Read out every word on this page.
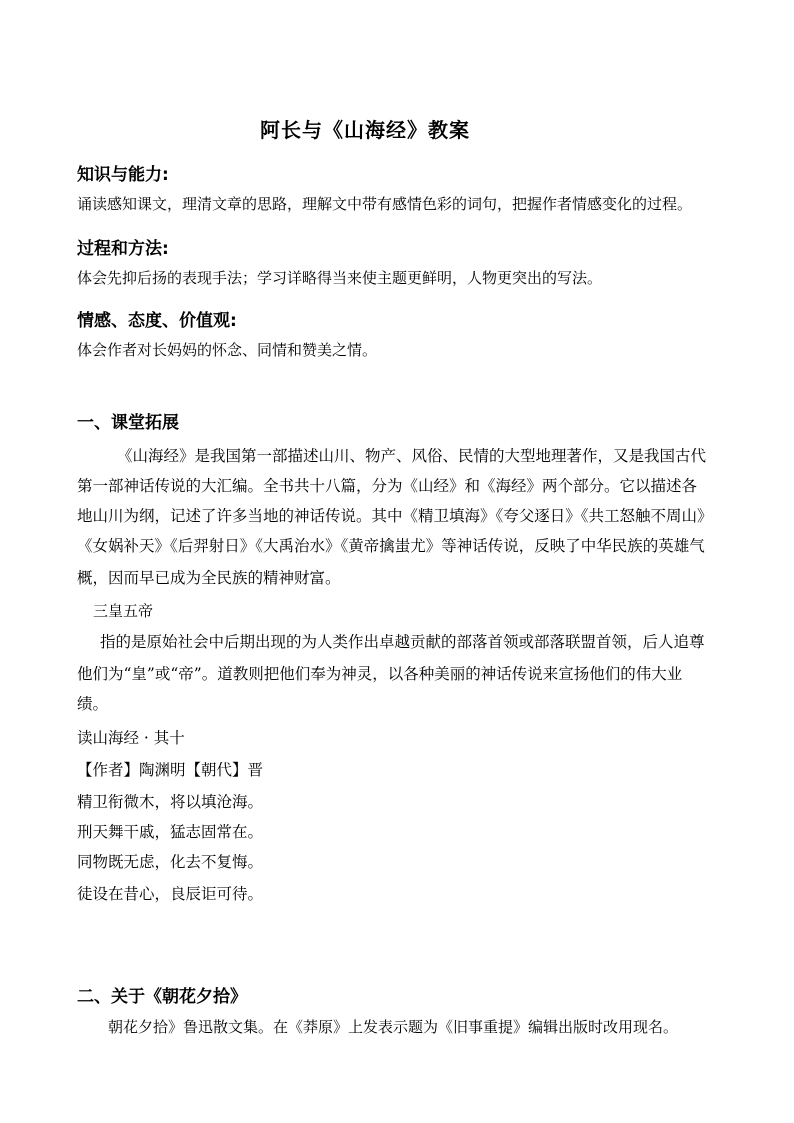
阿长与《山海经》教案
知识与能力:
诵读感知课文，理清文章的思路，理解文中带有感情色彩的词句，把握作者情感变化的过程。
过程和方法:
体会先抑后扬的表现手法；学习详略得当来使主题更鲜明，人物更突出的写法。
情感、态度、价值观:
体会作者对长妈妈的怀念、同情和赞美之情。
一、课堂拓展
《山海经》是我国第一部描述山川、物产、风俗、民情的大型地理著作，又是我国古代
第一部神话传说的大汇编。全书共十八篇，分为《山经》和《海经》两个部分。它以描述各
地山川为纲，记述了许多当地的神话传说。其中《精卫填海》《夸父逐日》《共工怒触不周山》
《女娲补天》《后羿射日》《大禹治水》《黄帝擒蚩尤》等神话传说，反映了中华民族的英雄气
概，因而早已成为全民族的精神财富。
三皇五帝
指的是原始社会中后期出现的为人类作出卓越贡献的部落首领或部落联盟首领，后人追尊
他们为“皇”或“帝”。道教则把他们奉为神灵，以各种美丽的神话传说来宣扬他们的伟大业
绩。
读山海经 · 其十
【作者】陶渊明【朝代】晋
精卫衔微木，将以填沧海。
刑天舞干戚，猛志固常在。
同物既无虑，化去不复悔。
徒设在昔心，良辰讵可待。
二、关于《朝花夕拾》
朝花夕拾》鲁迅散文集。在《莽原》上发表示题为《旧事重提》编辑出版时改用现名。
